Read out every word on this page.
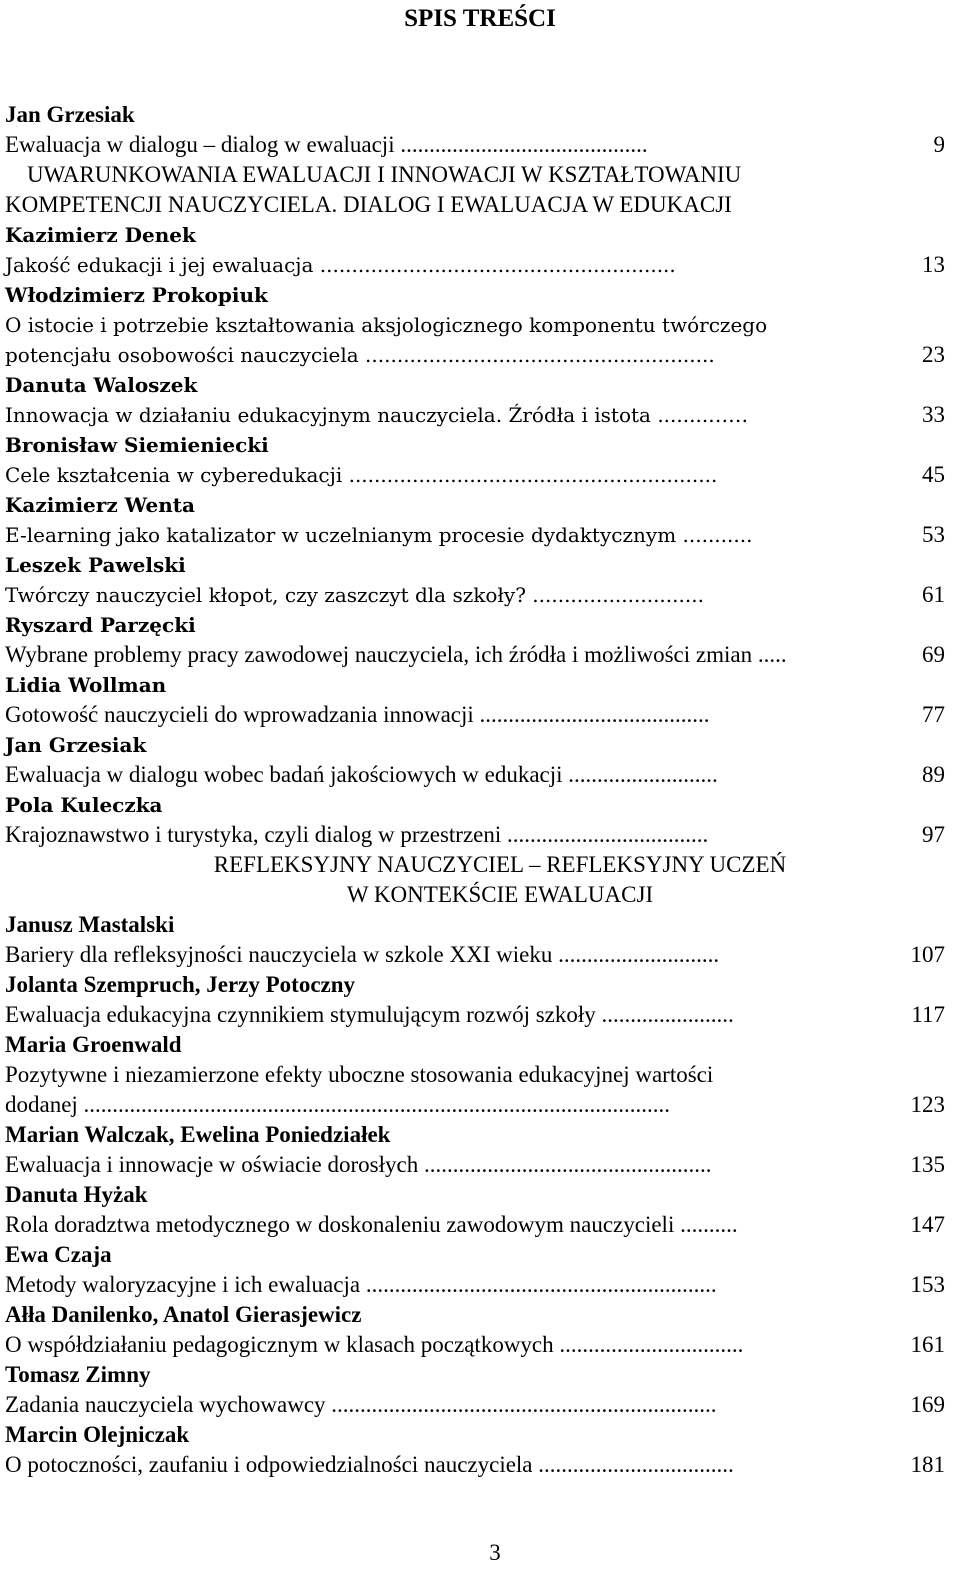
SPIS TREŚCI
Jan Grzesiak
Ewaluacja w dialogu – dialog w ewaluacji ...........................................	9
UWARUNKOWANIA EWALUACJI I INNOWACJI W KSZTAŁTOWANIU
KOMPETENCJI NAUCZYCIELA. DIALOG I EWALUACJA W EDUKACJI
Kazimierz Denek
Jakość edukacji i jej ewaluacja ........................................................	13
Włodzimierz Prokopiuk
O istocie i potrzebie kształtowania aksjologicznego komponentu twórczego
potencjału osobowości nauczyciela .......................................................	23
Danuta Waloszek
Innowacja w działaniu edukacyjnym nauczyciela. Źródła i istota ........……	33
Bronisław Siemieniecki
Cele kształcenia w cyberedukacji ..........................................................	45
Kazimierz Wenta
E-learning jako katalizator w uczelnianym procesie dydaktycznym ...........	53
Leszek Pawelski
Twórczy nauczyciel kłopot, czy zaszczyt dla szkoły? ...........................	61
Ryszard Parzęcki
Wybrane problemy pracy zawodowej nauczyciela, ich źródła i możliwości zmian .....	69
Lidia Wollman
Gotowość nauczycieli do wprowadzania innowacji ........................................	77
Jan Grzesiak
Ewaluacja w dialogu wobec badań jakościowych w edukacji ..........................	89
Pola Kuleczka
Krajoznawstwo i turystyka, czyli dialog w przestrzeni ...................................	97
REFLEKSYJNY NAUCZYCIEL – REFLEKSYJNY UCZEŃ
W KONTEKŚCIE EWALUACJI
Janusz Mastalski
Bariery dla refleksyjności nauczyciela w szkole XXI wieku ............................	107
Jolanta Szempruch, Jerzy Potoczny
Ewaluacja edukacyjna czynnikiem stymulującym rozwój szkoły .......................	117
Maria Groenwald
Pozytywne i niezamierzone efekty uboczne stosowania edukacyjnej wartości
dodanej ......................................................................................................	123
Marian Walczak, Ewelina Poniedziałek
Ewaluacja i innowacje w oświacie dorosłych ..................................................	135
Danuta Hyżak
Rola doradztwa metodycznego w doskonaleniu zawodowym nauczycieli ..........	147
Ewa Czaja
Metody waloryzacyjne i ich ewaluacja .............................................................	153
Ałła Danilenko, Anatol Gierasjewicz
O współdziałaniu pedagogicznym w klasach początkowych ................................	161
Tomasz Zimny
Zadania nauczyciela wychowawcy ...................................................................	169
Marcin Olejniczak
O potoczności, zaufaniu i odpowiedzialności nauczyciela ..................................	181
3
